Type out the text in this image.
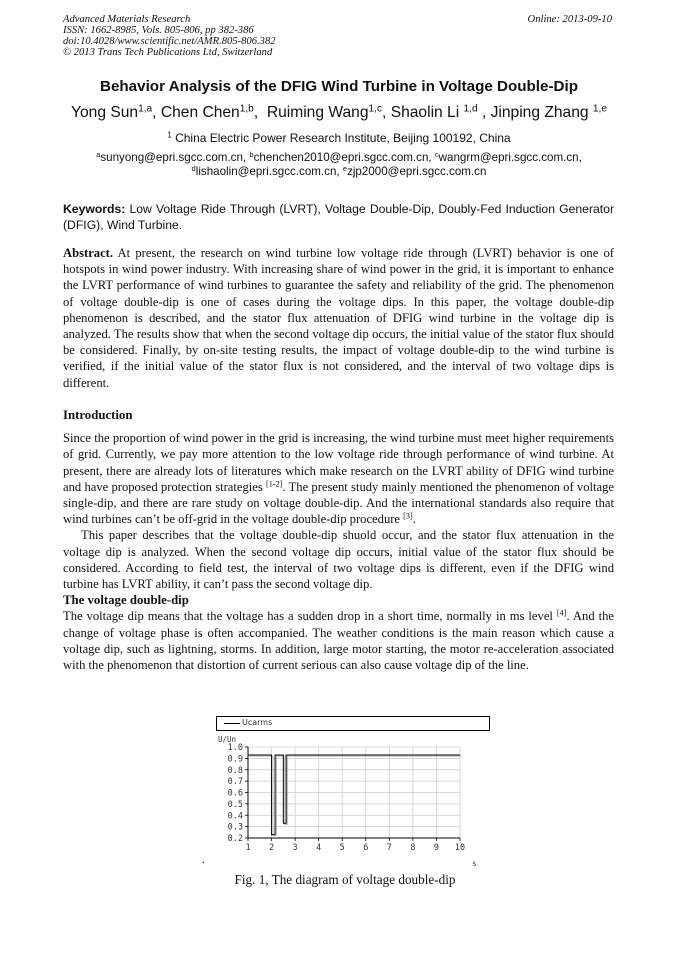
Advanced Materials Research
ISSN: 1662-8985, Vols. 805-806, pp 382-386
doi:10.4028/www.scientific.net/AMR.805-806.382
© 2013 Trans Tech Publications Ltd, Switzerland
Online: 2013-09-10
Behavior Analysis of the DFIG Wind Turbine in Voltage Double-Dip
Yong Sun$^{1,a}$, Chen Chen$^{1,b}$,  Ruiming Wang$^{1,c}$, Shaolin Li $^{1,d}$ , Jinping Zhang $^{1,e}$
$^1$ China Electric Power Research Institute, Beijing 100192, China
$^a$sunyong@epri.sgcc.com.cn, $^b$chenchen2010@epri.sgcc.com.cn, $^c$wangrm@epri.sgcc.com.cn,
$^d$lishaolin@epri.sgcc.com.cn, $^e$zjp2000@epri.sgcc.com.cn
Keywords: Low Voltage Ride Through (LVRT), Voltage Double-Dip, Doubly-Fed Induction Generator (DFIG), Wind Turbine.

Abstract. At present, the research on wind turbine low voltage ride through (LVRT) behavior is one of hotspots in wind power industry. With increasing share of wind power in the grid, it is important to enhance the LVRT performance of wind turbines to guarantee the safety and reliability of the grid. The phenomenon of voltage double-dip is one of cases during the voltage dips. In this paper, the voltage double-dip phenomenon is described, and the stator flux attenuation of DFIG wind turbine in the voltage dip is analyzed. The results show that when the second voltage dip occurs, the initial value of the stator flux should be considered. Finally, by on-site testing results, the impact of voltage double-dip to the wind turbine is verified, if the initial value of the stator flux is not considered, and the interval of two voltage dips is different.

Introduction

Since the proportion of wind power in the grid is increasing, the wind turbine must meet higher requirements of grid. Currently, we pay more attention to the low voltage ride through performance of wind turbine. At present, there are already lots of literatures which make research on the LVRT ability of DFIG wind turbine and have proposed protection strategies [1-2]. The present study mainly mentioned the phenomenon of voltage single-dip, and there are rare study on voltage double-dip. And the international standards also require that wind turbines can’t be off-grid in the voltage double-dip procedure [3].

This paper describes that the voltage double-dip shuold occur, and the stator flux attenuation in the voltage dip is analyzed. When the second voltage dip occurs, initial value of the stator flux should be considered. According to field test, the interval of two voltage dips is different, even if the DFIG wind turbine has LVRT ability, it can’t pass the second voltage dip.

The voltage double-dip

The voltage dip means that the voltage has a sudden drop in a short time, normally in ms level [4]. And the change of voltage phase is often accompanied. The weather conditions is the main reason which cause a voltage dip, such as lightning, storms. In addition, large motor starting, the motor re-acceleration associated with the phenomenon that distortion of current serious can also cause voltage dip of the line.

Ucarms
1 2 3 4 5 6 7 8 9 10
0.2
0.3
0.4
0.5
0.6
0.7
0.8
0.9
1.0
U/Un
s
.
Fig. 1, The diagram of voltage double-dip
